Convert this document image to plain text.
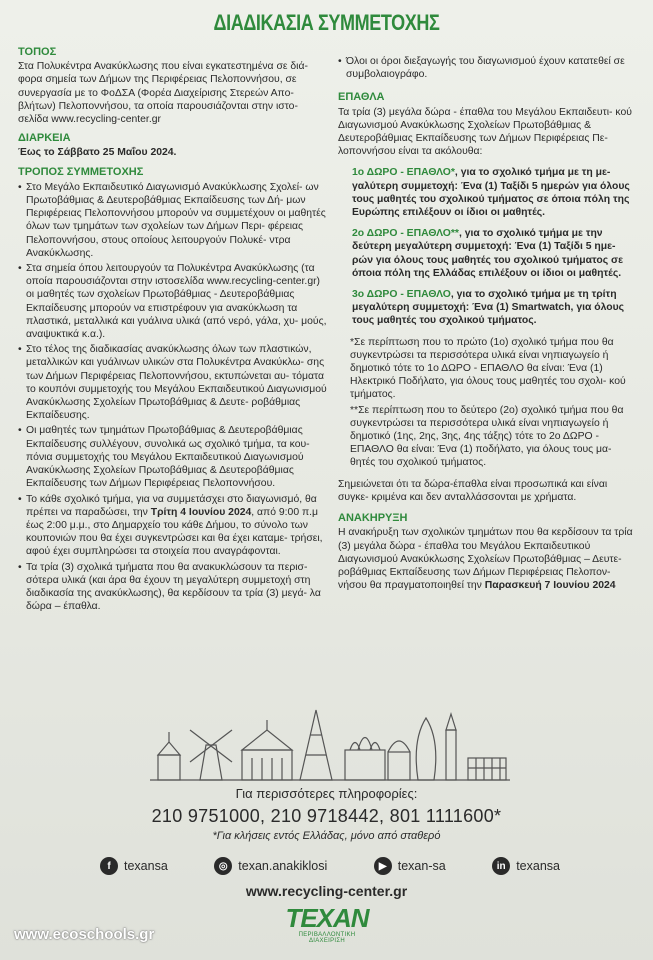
ΔΙΑΔΙΚΑΣΙΑ ΣΥΜΜΕΤΟΧΗΣ
ΤΟΠΟΣ
Στα Πολυκέντρα Ανακύκλωσης που είναι εγκατεστημένα σε διά- φορα σημεία των Δήμων της Περιφέρειας Πελοποννήσου, σε συνεργασία με το ΦοΔΣΑ (Φορέα Διαχείρισης Στερεών Απο- βλήτων) Πελοποννήσου, τα οποία παρουσιάζονται στην ιστο- σελίδα www.recycling-center.gr
ΔΙΑΡΚΕΙΑ
Έως το Σάββατο 25 Μαΐου 2024.
ΤΡΟΠΟΣ ΣΥΜΜΕΤΟΧΗΣ
• Στο Μεγάλο Εκπαιδευτικό Διαγωνισμό Ανακύκλωσης Σχολεί- ων Πρωτοβάθμιας & Δευτεροβάθμιας Εκπαίδευσης των Δή- μων Περιφέρειας Πελοποννήσου μπορούν να συμμετέχουν οι μαθητές όλων των τμημάτων των σχολείων των Δήμων Περι- φέρειας Πελοποννήσου, στους οποίους λειτουργούν Πολυκέ- ντρα Ανακύκλωσης.
• Στα σημεία όπου λειτουργούν τα Πολυκέντρα Ανακύκλωσης (τα οποία παρουσιάζονται στην ιστοσελίδα www.recycling-center.gr) οι μαθητές των σχολείων Πρωτοβάθμιας - Δευτεροβάθμιας Εκπαίδευσης μπορούν να επιστρέφουν για ανακύκλωση τα πλαστικά, μεταλλικά και γυάλινα υλικά (από νερό, γάλα, χυ- μούς, αναψυκτικά κ.α.).
• Στο τέλος της διαδικασίας ανακύκλωσης όλων των πλαστικών, μεταλλικών και γυάλινων υλικών στα Πολυκέντρα Ανακύκλω- σης των Δήμων Περιφέρειας Πελοποννήσου, εκτυπώνεται αυ- τόματα το κουπόνι συμμετοχής του Μεγάλου Εκπαιδευτικού Διαγωνισμού Ανακύκλωσης Σχολείων Πρωτοβάθμιας & Δευτε- ροβάθμιας Εκπαίδευσης.
• Οι μαθητές των τμημάτων Πρωτοβάθμιας & Δευτεροβάθμιας Εκπαίδευσης συλλέγουν, συνολικά ως σχολικό τμήμα, τα κου- πόνια συμμετοχής του Μεγάλου Εκπαιδευτικού Διαγωνισμού Ανακύκλωσης Σχολείων Πρωτοβάθμιας & Δευτεροβάθμιας Εκπαίδευσης των Δήμων Περιφέρειας Πελοποννήσου.
• Το κάθε σχολικό τμήμα, για να συμμετάσχει στο διαγωνισμό, θα πρέπει να παραδώσει, την Τρίτη 4 Ιουνίου 2024, από 9:00 π.μ έως 2:00 μ.μ., στο Δημαρχείο του κάθε Δήμου, το σύνολο των κουπονιών που θα έχει συγκεντρώσει και θα έχει καταμε- τρήσει, αφού έχει συμπληρώσει τα στοιχεία που αναγράφονται.
• Τα τρία (3) σχολικά τμήματα που θα ανακυκλώσουν τα περισ- σότερα υλικά (και άρα θα έχουν τη μεγαλύτερη συμμετοχή στη διαδικασία της ανακύκλωσης), θα κερδίσουν τα τρία (3) μεγά- λα δώρα – έπαθλα.
• Όλοι οι όροι διεξαγωγής του διαγωνισμού έχουν κατατεθεί σε συμβολαιογράφο.
ΕΠΑΘΛΑ
Τα τρία (3) μεγάλα δώρα - έπαθλα του Μεγάλου Εκπαιδευτι- κού Διαγωνισμού Ανακύκλωσης Σχολείων Πρωτοβάθμιας & Δευτεροβάθμιας Εκπαίδευσης των Δήμων Περιφέρειας Πε- λοποννήσου είναι τα ακόλουθα:
1ο ΔΩΡΟ - ΕΠΑΘΛΟ*, για το σχολικό τμήμα με τη με- γαλύτερη συμμετοχή: Ένα (1) Ταξίδι 5 ημερών για όλους τους μαθητές του σχολικού τμήματος σε όποια πόλη της Ευρώπης επιλέξουν οι ίδιοι οι μαθητές.
2ο ΔΩΡΟ - ΕΠΑΘΛΟ**, για το σχολικό τμήμα με την δεύτερη μεγαλύτερη συμμετοχή: Ένα (1) Ταξίδι 5 ημε- ρών για όλους τους μαθητές του σχολικού τμήματος σε όποια πόλη της Ελλάδας επιλέξουν οι ίδιοι οι μαθητές.
3ο ΔΩΡΟ - ΕΠΑΘΛΟ, για το σχολικό τμήμα με τη τρίτη μεγαλύτερη συμμετοχή: Ένα (1) Smartwatch, για όλους τους μαθητές του σχολικού τμήματος.
*Σε περίπτωση που το πρώτο (1ο) σχολικό τμήμα που θα συγκεντρώσει τα περισσότερα υλικά είναι νηπιαγωγείο ή δημοτικό τότε το 1ο ΔΩΡΟ - ΕΠΑΘΛΟ θα είναι: Ένα (1) Ηλεκτρικό Ποδήλατο, για όλους τους μαθητές του σχολι- κού τμήματος.
**Σε περίπτωση που το δεύτερο (2ο) σχολικό τμήμα που θα συγκεντρώσει τα περισσότερα υλικά είναι νηπιαγωγείο ή δημοτικό (1ης, 2ης, 3ης, 4ης τάξης) τότε το 2ο ΔΩΡΟ - ΕΠΑΘΛΟ θα είναι: Ένα (1) ποδήλατο, για όλους τους μα- θητές του σχολικού τμήματος.
Σημειώνεται ότι τα δώρα-έπαθλα είναι προσωπικά και είναι συγκε- κριμένα και δεν ανταλλάσσονται με χρήματα.
ΑΝΑΚΗΡΥΞΗ
Η ανακήρυξη των σχολικών τμημάτων που θα κερδίσουν τα τρία (3) μεγάλα δώρα - έπαθλα του Μεγάλου Εκπαιδευτικού Διαγωνισμού Ανακύκλωσης Σχολείων Πρωτοβάθμιας – Δευτε- ροβάθμιας Εκπαίδευσης των Δήμων Περιφέρειας Πελοπον- νήσου θα πραγματοποιηθεί την Παρασκευή 7 Ιουνίου 2024
Για περισσότερες πληροφορίες:
210 9751000, 210 9718442, 801 1111600*
*Για κλήσεις εντός Ελλάδας, μόνο από σταθερό
f	texansa	◎ texan.anakiklosi	▶ texan-sa	in texansa
www.recycling-center.gr
ΤΕΧΑΝ
ΠΕΡΙΒΑΛΛΟΝΤΙΚΗ ΔΙΑΧΕΙΡΙΣΗ
www.ecoschools.gr
